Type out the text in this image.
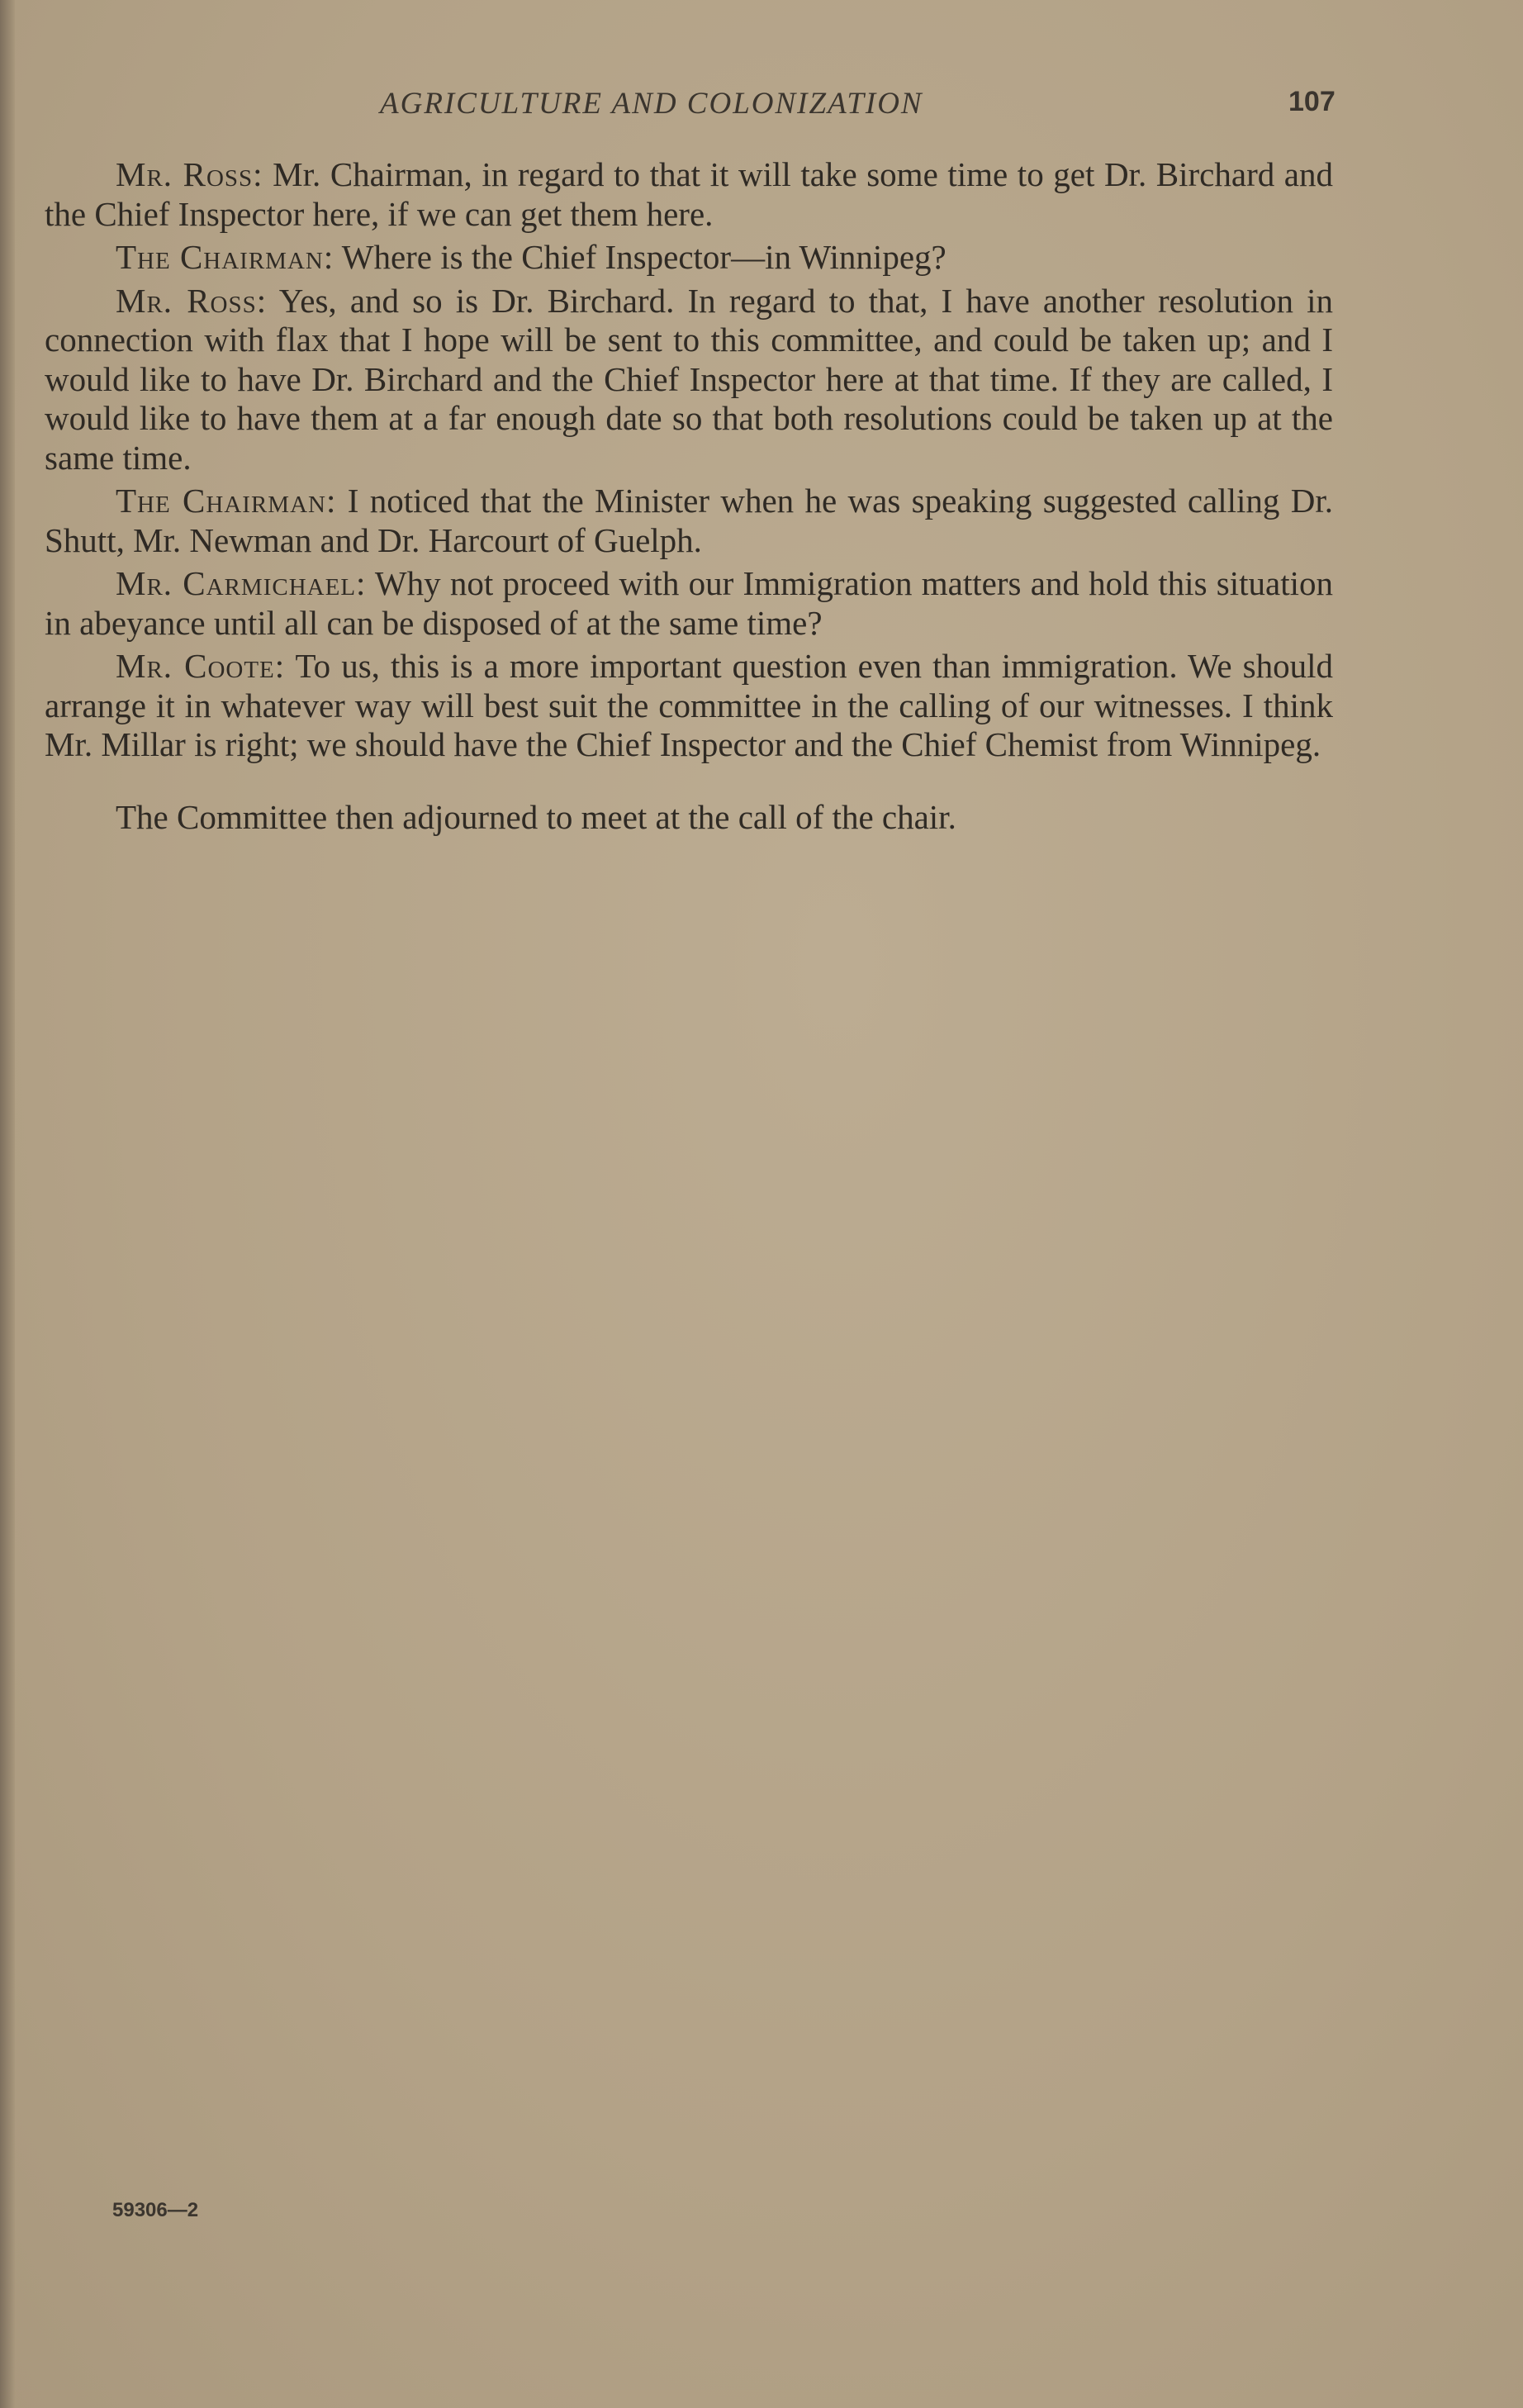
AGRICULTURE AND COLONIZATION	107

Mr. Ross: Mr. Chairman, in regard to that it will take some time to get Dr. Birchard and the Chief Inspector here, if we can get them here.

The Chairman: Where is the Chief Inspector—in Winnipeg?

Mr. Ross: Yes, and so is Dr. Birchard. In regard to that, I have another resolution in connection with flax that I hope will be sent to this committee, and could be taken up; and I would like to have Dr. Birchard and the Chief Inspector here at that time. If they are called, I would like to have them at a far enough date so that both resolutions could be taken up at the same time.

The Chairman: I noticed that the Minister when he was speaking suggested calling Dr. Shutt, Mr. Newman and Dr. Harcourt of Guelph.

Mr. Carmichael: Why not proceed with our Immigration matters and hold this situation in abeyance until all can be disposed of at the same time?

Mr. Coote: To us, this is a more important question even than immigration. We should arrange it in whatever way will best suit the committee in the calling of our witnesses. I think Mr. Millar is right; we should have the Chief Inspector and the Chief Chemist from Winnipeg.

The Committee then adjourned to meet at the call of the chair.

59306—2
